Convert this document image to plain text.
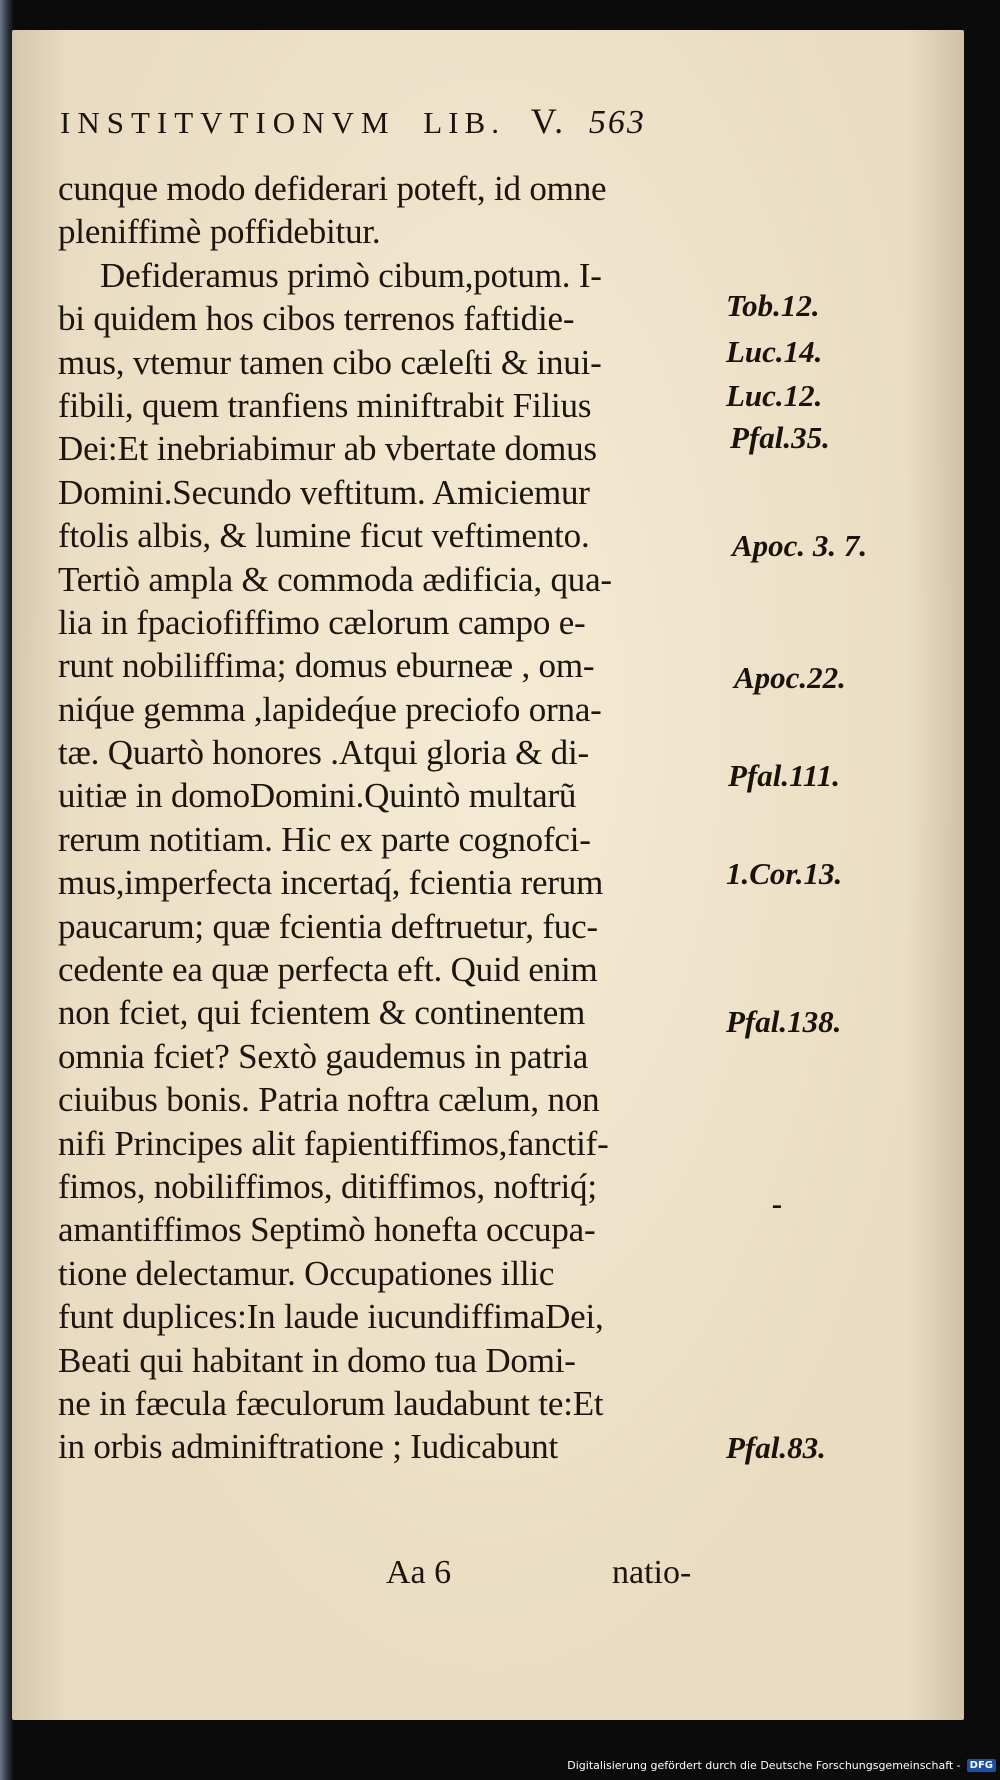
INSTITVTIONVM LIB. V. 563
cunque modo defiderari poteft, id omne
pleniffimè poffidebitur.
Defideramus primò cibum,potum. I-
bi quidem hos cibos terrenos faftidie-
mus, vtemur tamen cibo cæleſti & inui-
fibili, quem tranfiens miniftrabit Filius
Dei:Et inebriabimur ab vbertate domus
Domini.Secundo veftitum. Amiciemur
ftolis albis, & lumine ficut veftimento.
Tertiò ampla & commoda ædificia, qua-
lia in fpaciofiffimo cælorum campo e-
runt nobiliffima; domus eburneæ , om-
niq́ue gemma ,lapideq́ue preciofo orna-
tæ. Quartò honores .Atqui gloria & di-
uitiæ in domoDomini.Quintò multarũ
rerum notitiam. Hic ex parte cognofci-
mus,imperfecta incertaq́, fcientia rerum
paucarum; quæ fcientia deftruetur, fuc-
cedente ea quæ perfecta eft. Quid enim
non fciet, qui fcientem & continentem
omnia fciet? Sextò gaudemus in patria
ciuibus bonis. Patria noftra cælum, non
nifi Principes alit fapientiffimos,fanctif-
fimos, nobiliffimos, ditiffimos, noftriq́;
amantiffimos Septimò honefta occupa-
tione delectamur. Occupationes illic
funt duplices:In laude iucundiffimaDei,
Beati qui habitant in domo tua Domi-
ne in fæcula fæculorum laudabunt te:Et
in orbis adminiftratione ; Iudicabunt
Tob.12.
Luc.14.
Luc.12.
Pfal.35.
Apoc. 3. 7.
Apoc.22.
Pfal.111.
1.Cor.13.
Pfal.138.
-
Pfal.83.
Aa 6	natio-
Digitalisierung gefördert durch die Deutsche Forschungsgemeinschaft - DFG
